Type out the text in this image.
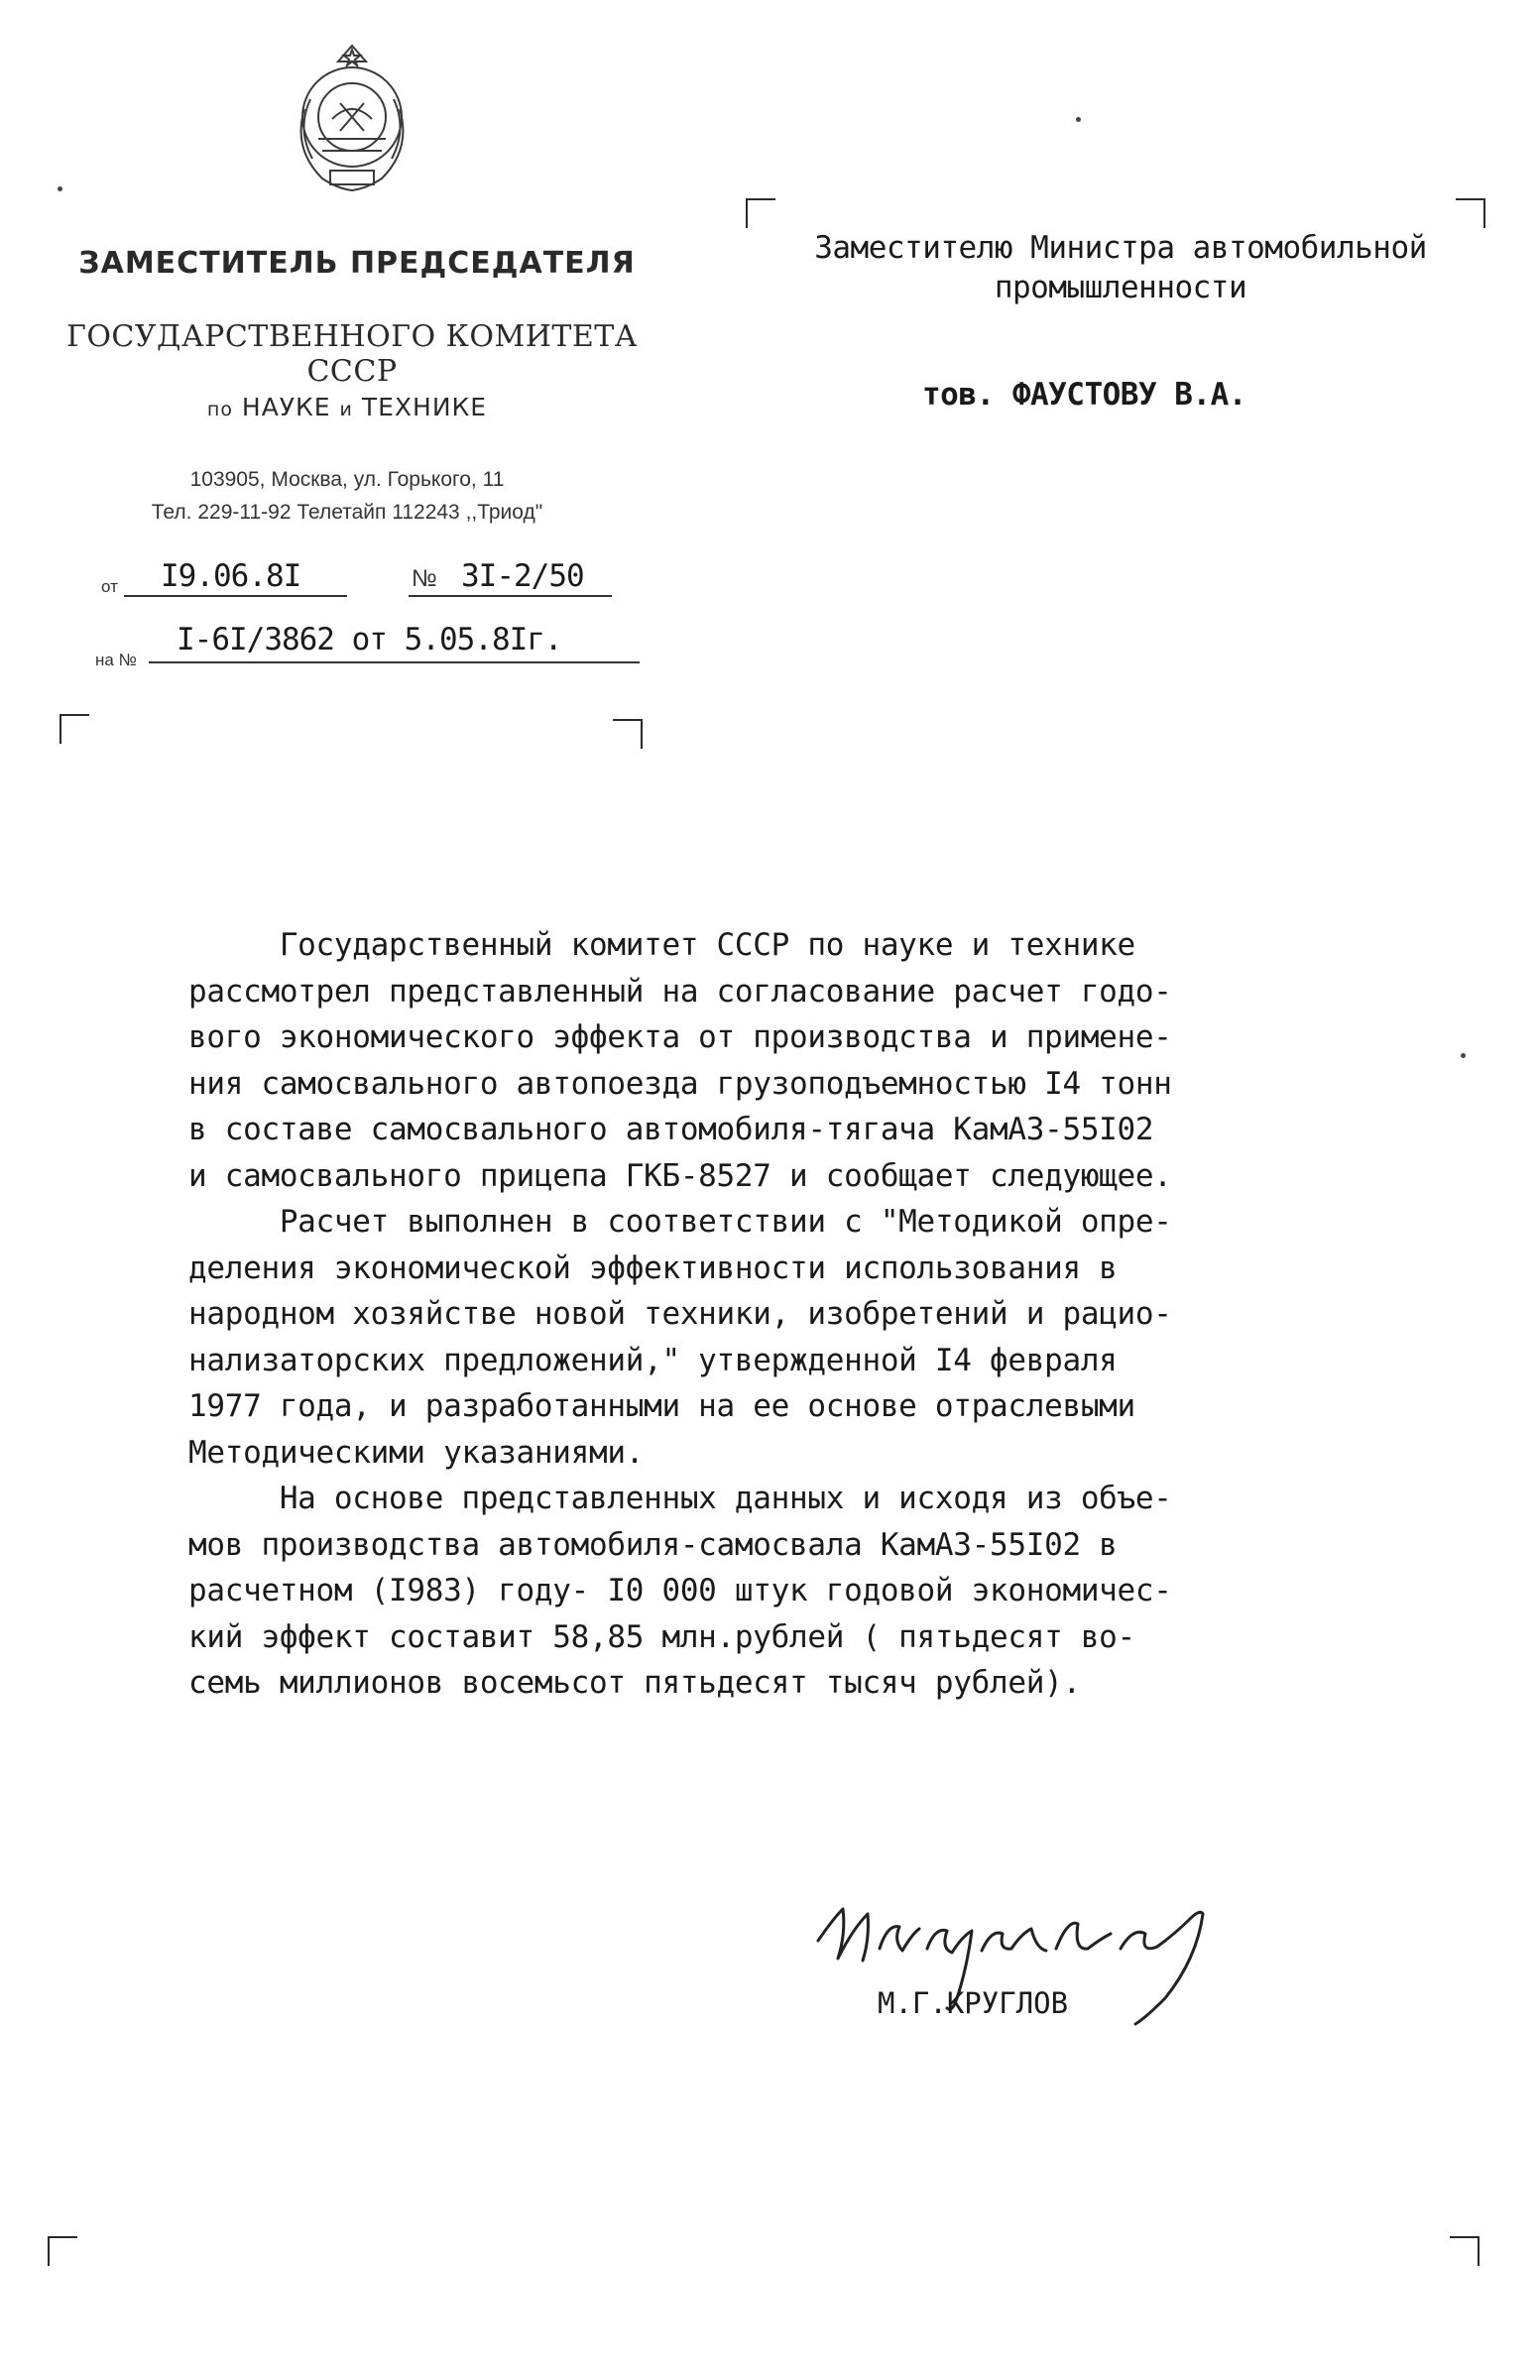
ЗАМЕСТИТЕЛЬ ПРЕДСЕДАТЕЛЯ
ГОСУДАРСТВЕННОГО КОМИТЕТА СССР
по НАУКЕ и ТЕХНИКЕ
103905, Москва, ул. Горького, 11
Тел. 229-11-92 Телетайп 112243 ,,Триод"
от I9.06.8I	№ 3I-2/50
на №
I-6I/3862 от 5.05.8Iг.
Заместителю Министра автомобильной
промышленности
тов. ФАУСТОВУ В.А.
Государственный комитет СССР по науке и технике
рассмотрел представленный на согласование расчет годо-
вого экономического эффекта от производства и примене-
ния самосвального автопоезда грузоподъемностью I4 тонн
в составе самосвального автомобиля-тягача КамАЗ-55I02
и самосвального прицепа ГКБ-8527 и сообщает следующее.
Расчет выполнен в соответствии с "Методикой опре-
деления экономической эффективности использования в
народном хозяйстве новой техники, изобретений и рацио-
нализаторских предложений," утвержденной I4 февраля
1977 года, и разработанными на ее основе отраслевыми
Методическими указаниями.
На основе представленных данных и исходя из объе-
мов производства автомобиля-самосвала КамАЗ-55I02 в
расчетном (I983) году- I0 000 штук годовой экономичес-
кий эффект составит 58,85 млн.рублей ( пятьдесят во-
семь миллионов восемьсот пятьдесят тысяч рублей).
М.Г.КРУГЛОВ
